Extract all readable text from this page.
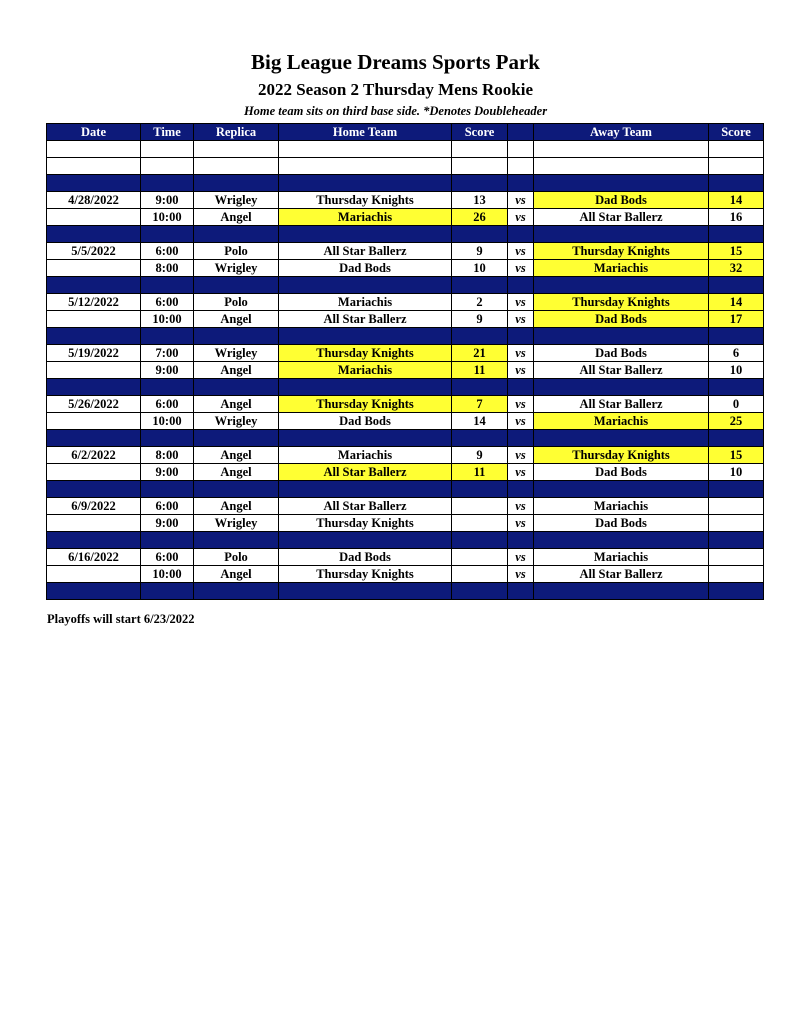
Big League Dreams Sports Park
2022 Season 2 Thursday Mens Rookie
Home team sits on third base side. *Denotes Doubleheader
Date	Time	Replica	Home Team	Score		Away Team	Score

4/28/2022	9:00	Wrigley	Thursday Knights	13	vs	Dad Bods	14
	10:00	Angel	Mariachis	26	vs	All Star Ballerz	16

5/5/2022	6:00	Polo	All Star Ballerz	9	vs	Thursday Knights	15
	8:00	Wrigley	Dad Bods	10	vs	Mariachis	32

5/12/2022	6:00	Polo	Mariachis	2	vs	Thursday Knights	14
	10:00	Angel	All Star Ballerz	9	vs	Dad Bods	17

5/19/2022	7:00	Wrigley	Thursday Knights	21	vs	Dad Bods	6
	9:00	Angel	Mariachis	11	vs	All Star Ballerz	10

5/26/2022	6:00	Angel	Thursday Knights	7	vs	All Star Ballerz	0
	10:00	Wrigley	Dad Bods	14	vs	Mariachis	25

6/2/2022	8:00	Angel	Mariachis	9	vs	Thursday Knights	15
	9:00	Angel	All Star Ballerz	11	vs	Dad Bods	10

6/9/2022	6:00	Angel	All Star Ballerz		vs	Mariachis	
	9:00	Wrigley	Thursday Knights		vs	Dad Bods	

6/16/2022	6:00	Polo	Dad Bods		vs	Mariachis	
	10:00	Angel	Thursday Knights		vs	All Star Ballerz	

Playoffs will start 6/23/2022
